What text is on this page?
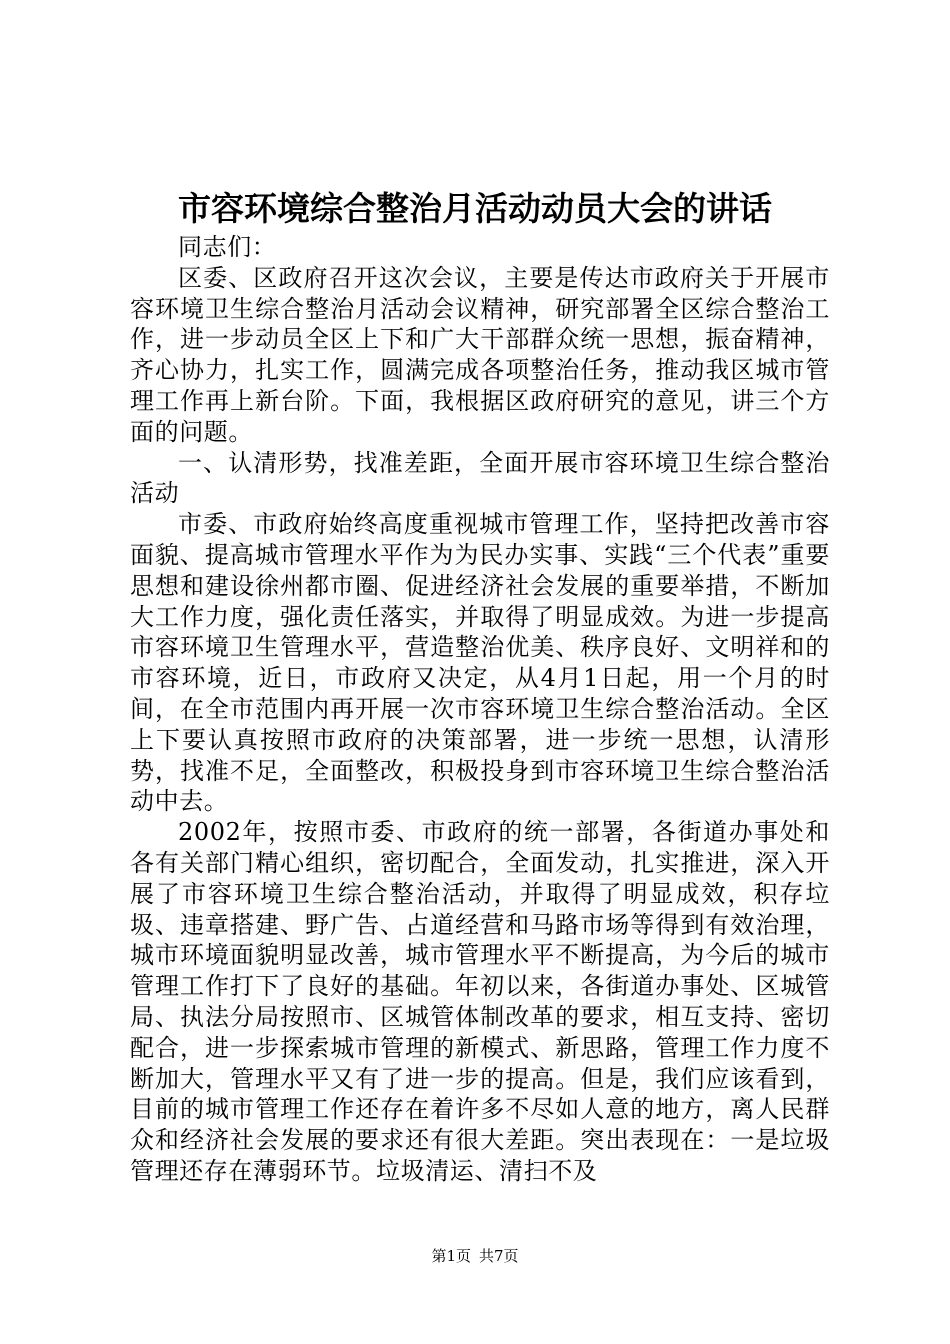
市容环境综合整治月活动动员大会的讲话

同志们：

区委、区政府召开这次会议，主要是传达市政府关于开展市容环境卫生综合整治月活动会议精神，研究部署全区综合整治工作，进一步动员全区上下和广大干部群众统一思想，振奋精神，齐心协力，扎实工作，圆满完成各项整治任务，推动我区城市管理工作再上新台阶。下面，我根据区政府研究的意见，讲三个方面的问题。

一、认清形势，找准差距，全面开展市容环境卫生综合整治活动

市委、市政府始终高度重视城市管理工作，坚持把改善市容面貌、提高城市管理水平作为为民办实事、实践“三个代表”重要思想和建设徐州都市圈、促进经济社会发展的重要举措，不断加大工作力度，强化责任落实，并取得了明显成效。为进一步提高市容环境卫生管理水平，营造整治优美、秩序良好、文明祥和的市容环境，近日，市政府又决定，从4月1日起，用一个月的时间，在全市范围内再开展一次市容环境卫生综合整治活动。全区上下要认真按照市政府的决策部署，进一步统一思想，认清形势，找准不足，全面整改，积极投身到市容环境卫生综合整治活动中去。

2002年，按照市委、市政府的统一部署，各街道办事处和各有关部门精心组织，密切配合，全面发动，扎实推进，深入开展了市容环境卫生综合整治活动，并取得了明显成效，积存垃圾、违章搭建、野广告、占道经营和马路市场等得到有效治理，城市环境面貌明显改善，城市管理水平不断提高，为今后的城市管理工作打下了良好的基础。年初以来，各街道办事处、区城管局、执法分局按照市、区城管体制改革的要求，相互支持、密切配合，进一步探索城市管理的新模式、新思路，管理工作力度不断加大，管理水平又有了进一步的提高。但是，我们应该看到，目前的城市管理工作还存在着许多不尽如人意的地方，离人民群众和经济社会发展的要求还有很大差距。突出表现在：一是垃圾管理还存在薄弱环节。垃圾清运、清扫不及

第1页 共7页
